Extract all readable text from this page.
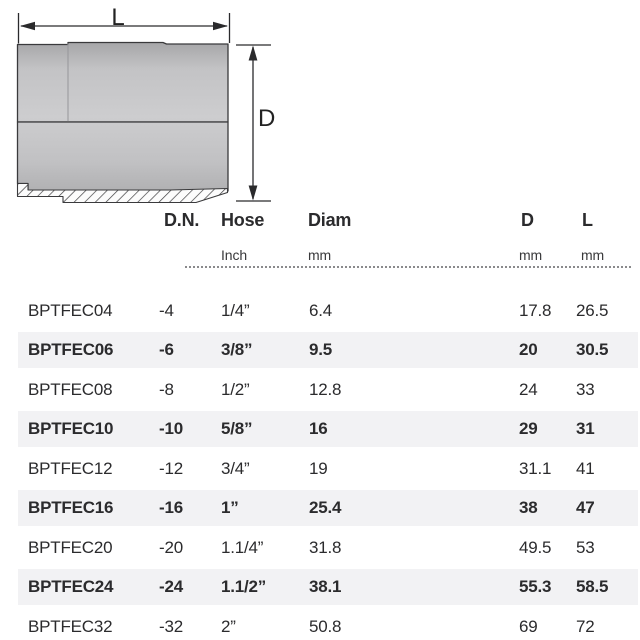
L
D
D.N. Hose Diam	D	L
Inch	mm	mm	mm
BPTFEC04	-4	1/4”	6.4	17.8 26.5
BPTFEC06	-6	3/8”	9.5	20 30.5
BPTFEC08	-8	1/2”	12.8	24 33
BPTFEC10	-10 5/8”	16	29 31
BPTFEC12	-12 3/4”	19	31.1 41
BPTFEC16	-16 1”	25.4	38 47
BPTFEC20	-20 1.1/4”	31.8	49.5 53
BPTFEC24	-24 1.1/2”	38.1	55.3 58.5
BPTFEC32	-32 2”	50.8	69 72
